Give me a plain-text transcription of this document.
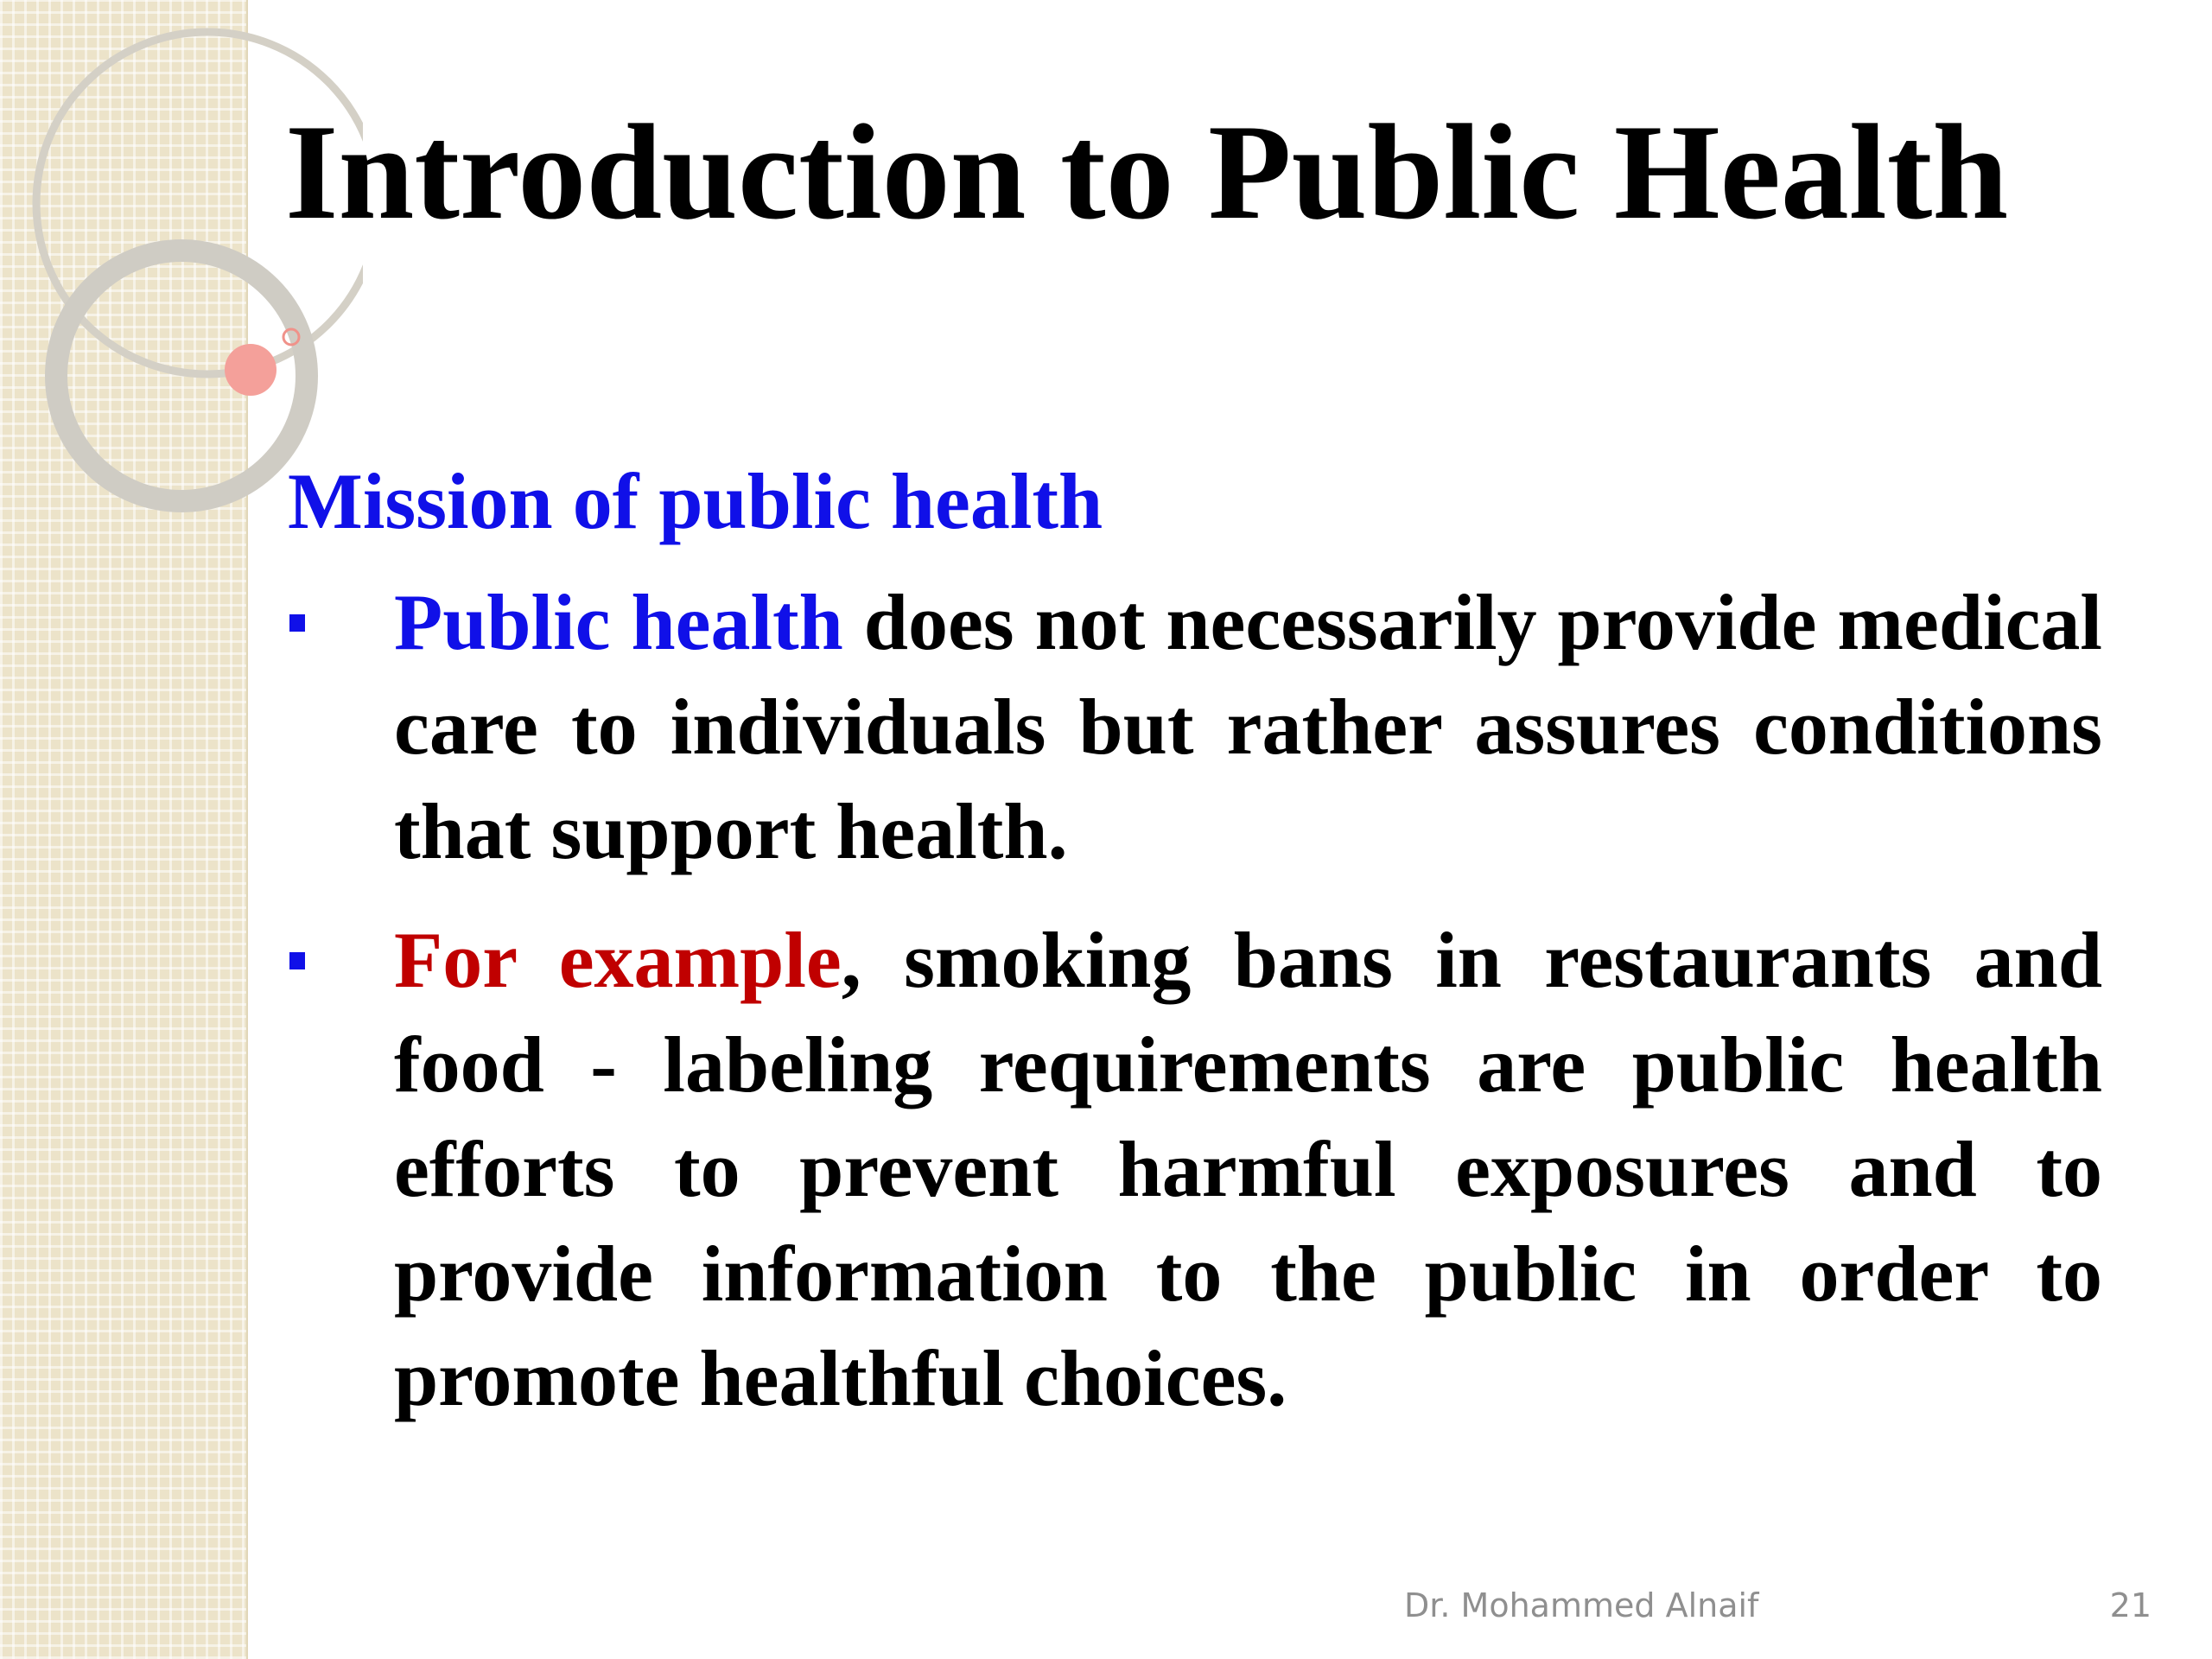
Introduction to Public Health
Mission of public health
Public health does not necessarily provide medical care to individuals but rather assures conditions that support health.
For example, smoking bans in restaurants and food - labeling requirements are public health efforts to prevent harmful exposures and to provide information to the public in order to promote healthful choices.
Dr. Mohammed Alnaif	21
